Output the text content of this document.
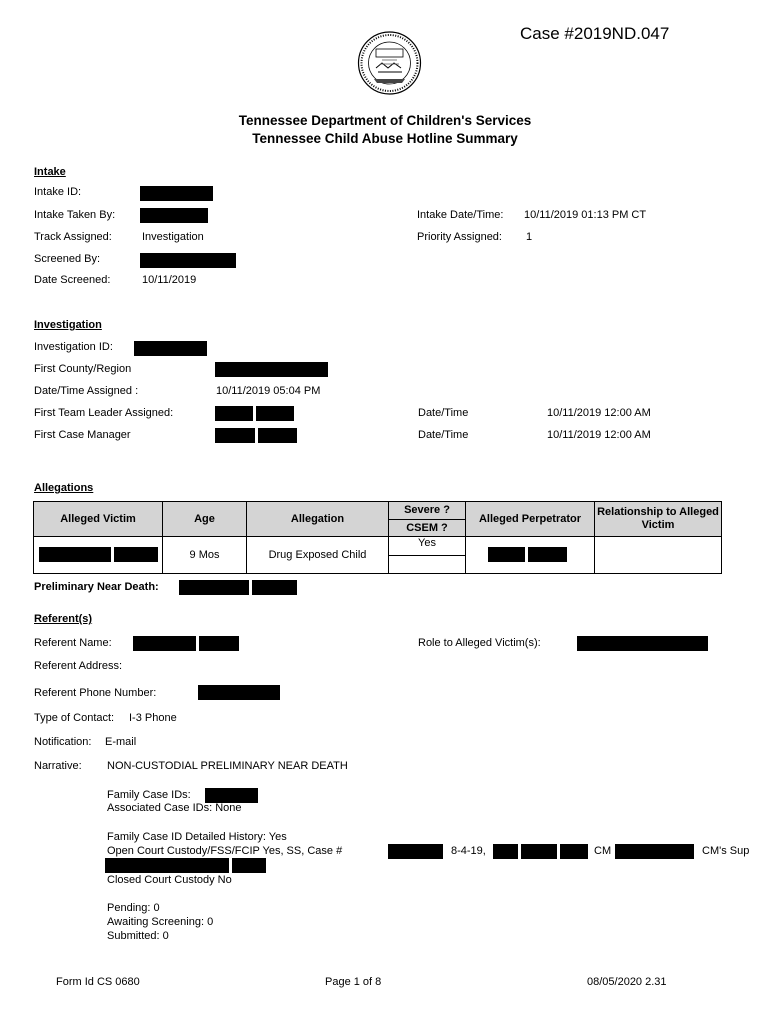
Case #2019ND.047
Tennessee Department of Children's Services
Tennessee Child Abuse Hotline Summary
Intake
Intake ID:
Intake Taken By:	Intake Date/Time: 10/11/2019 01:13 PM CT
Track Assigned:	Investigation	Priority Assigned: 1
Screened By:
Date Screened:	10/11/2019
Investigation
Investigation ID:
First County/Region
Date/Time Assigned :	10/11/2019 05:04 PM
First Team Leader Assigned:	Date/Time	10/11/2019 12:00 AM
First Case Manager	Date/Time	10/11/2019 12:00 AM
Allegations
Alleged Victim	Age	Allegation	Severe ?	Alleged Perpetrator	Relationship to Alleged Victim
			CSEM ?		

	9 Mos	Drug Exposed Child	Yes	

Preliminary Near Death:
Referent(s)
Referent Name:	Role to Alleged Victim(s):
Referent Address:
Referent Phone Number:
Type of Contact: I-3 Phone
Notification: E-mail
Narrative: NON-CUSTODIAL PRELIMINARY NEAR DEATH
Family Case IDs:
Associated Case IDs: None
Family Case ID Detailed History: Yes
Open Court Custody/FSS/FCIP Yes, SS, Case #	8-4-19,	CM	CM's Sup
Closed Court Custody No
Pending: 0
Awaiting Screening: 0
Submitted: 0
Form Id CS 0680	Page 1 of 8	08/05/2020 2.31
